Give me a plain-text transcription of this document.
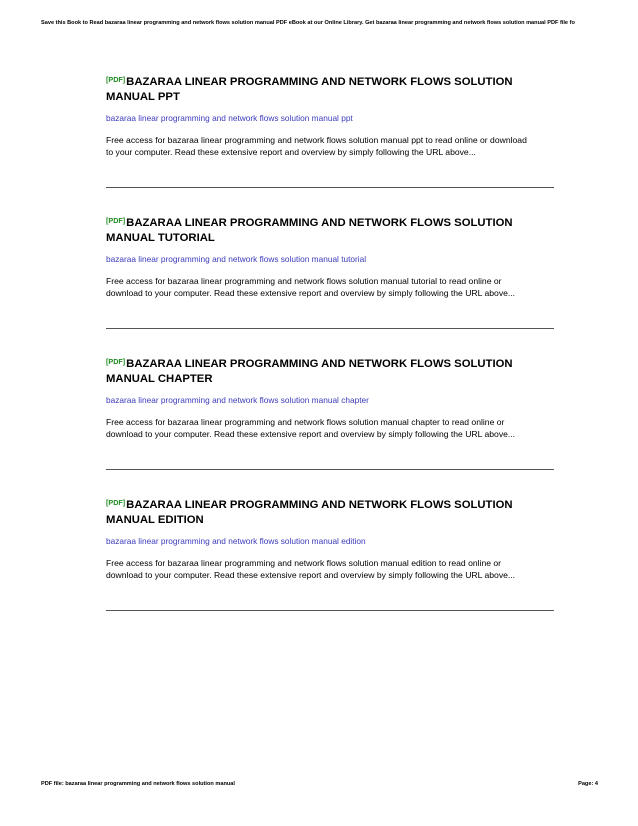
Save this Book to Read bazaraa linear programming and network flows solution manual PDF eBook at our Online Library. Get bazaraa linear programming and network flows solution manual PDF file fo
[PDF]BAZARAA LINEAR PROGRAMMING AND NETWORK FLOWS SOLUTION MANUAL PPT
bazaraa linear programming and network flows solution manual ppt
Free access for bazaraa linear programming and network flows solution manual ppt to read online or download to your computer. Read these extensive report and overview by simply following the URL above...
[PDF]BAZARAA LINEAR PROGRAMMING AND NETWORK FLOWS SOLUTION MANUAL TUTORIAL
bazaraa linear programming and network flows solution manual tutorial
Free access for bazaraa linear programming and network flows solution manual tutorial to read online or download to your computer. Read these extensive report and overview by simply following the URL above...
[PDF]BAZARAA LINEAR PROGRAMMING AND NETWORK FLOWS SOLUTION MANUAL CHAPTER
bazaraa linear programming and network flows solution manual chapter
Free access for bazaraa linear programming and network flows solution manual chapter to read online or download to your computer. Read these extensive report and overview by simply following the URL above...
[PDF]BAZARAA LINEAR PROGRAMMING AND NETWORK FLOWS SOLUTION MANUAL EDITION
bazaraa linear programming and network flows solution manual edition
Free access for bazaraa linear programming and network flows solution manual edition to read online or download to your computer. Read these extensive report and overview by simply following the URL above...
PDF file: bazaraa linear programming and network flows solution manual	Page: 4
